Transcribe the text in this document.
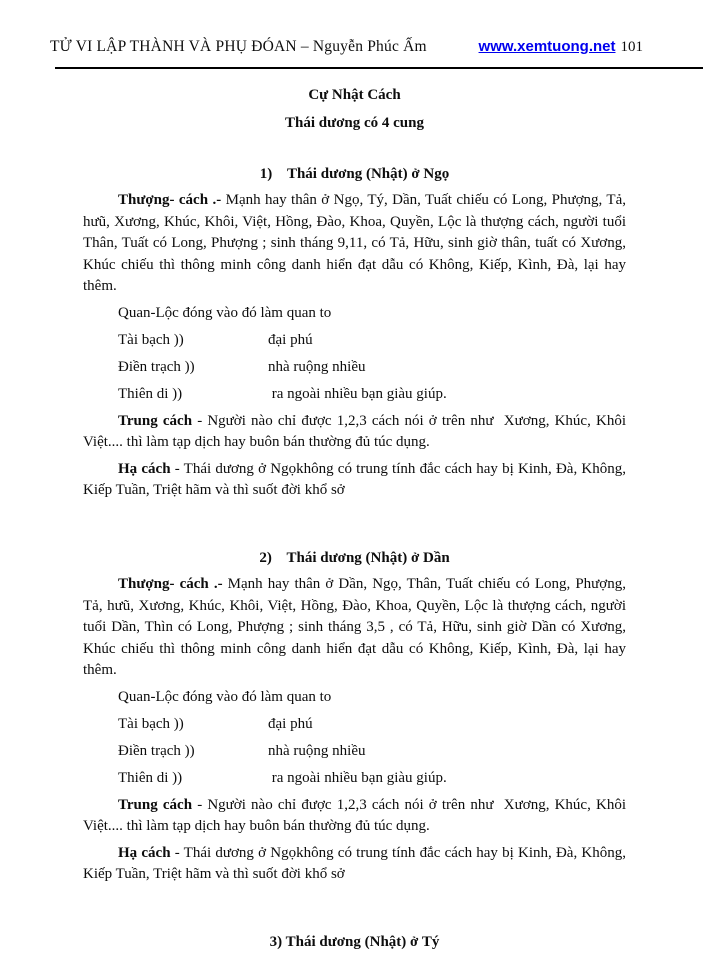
TỬ VI LẬP THÀNH VÀ PHỤ ĐÓAN – Nguyễn Phúc Ấm	www.xemtuong.net 101
Cự Nhật Cách
Thái dương có 4 cung
1)    Thái dương (Nhật) ở Ngọ

Thượng- cách .- Mạnh hay thân ở Ngọ, Tý, Dần, Tuất chiếu có Long, Phượng, Tả, hưũ, Xương, Khúc, Khôi, Việt, Hồng, Đào, Khoa, Quyền, Lộc là thượng cách, người tuổi Thân, Tuất có Long, Phượng ; sinh tháng 9,11, có Tả, Hữu, sinh giờ thân, tuất có Xương, Khúc chiếu thì thông minh công danh hiển đạt dẫu có Không, Kiếp, Kình, Đà, lại hay thêm.

Quan-Lộc đóng vào đó làm quan to
Tài bạch ))	đại phú
Điền trạch ))	nhà ruộng nhiều
Thiên di ))	ra ngoài nhiều bạn giàu giúp.

Trung cách - Người nào chỉ được 1,2,3 cách nói ở trên như  Xương, Khúc, Khôi Việt.... thì làm tạp dịch hay buôn bán thường đủ túc dụng.

Hạ cách - Thái dương ở Ngọkhông có trung tính đắc cách hay bị Kinh, Đà, Không, Kiếp Tuần, Triệt hãm và thì suốt đời khổ sở

2)    Thái dương (Nhật) ở Dần

Thượng- cách .- Mạnh hay thân ở Dần, Ngọ, Thân, Tuất chiếu có Long, Phượng, Tả, hưũ, Xương, Khúc, Khôi, Việt, Hồng, Đào, Khoa, Quyền, Lộc là thượng cách, người tuổi Dần, Thìn có Long, Phượng ; sinh tháng 3,5 , có Tả, Hữu, sinh giờ Dần có Xương, Khúc chiếu thì thông minh công danh hiển đạt dẫu có Không, Kiếp, Kình, Đà, lại hay thêm.

Quan-Lộc đóng vào đó làm quan to
Tài bạch ))	đại phú
Điền trạch ))	nhà ruộng nhiều
Thiên di ))	ra ngoài nhiều bạn giàu giúp.

Trung cách - Người nào chỉ được 1,2,3 cách nói ở trên như  Xương, Khúc, Khôi Việt.... thì làm tạp dịch hay buôn bán thường đủ túc dụng.

Hạ cách - Thái dương ở Ngọkhông có trung tính đắc cách hay bị Kinh, Đà, Không, Kiếp Tuần, Triệt hãm và thì suốt đời khổ sở

3) Thái dương (Nhật) ở Tý
